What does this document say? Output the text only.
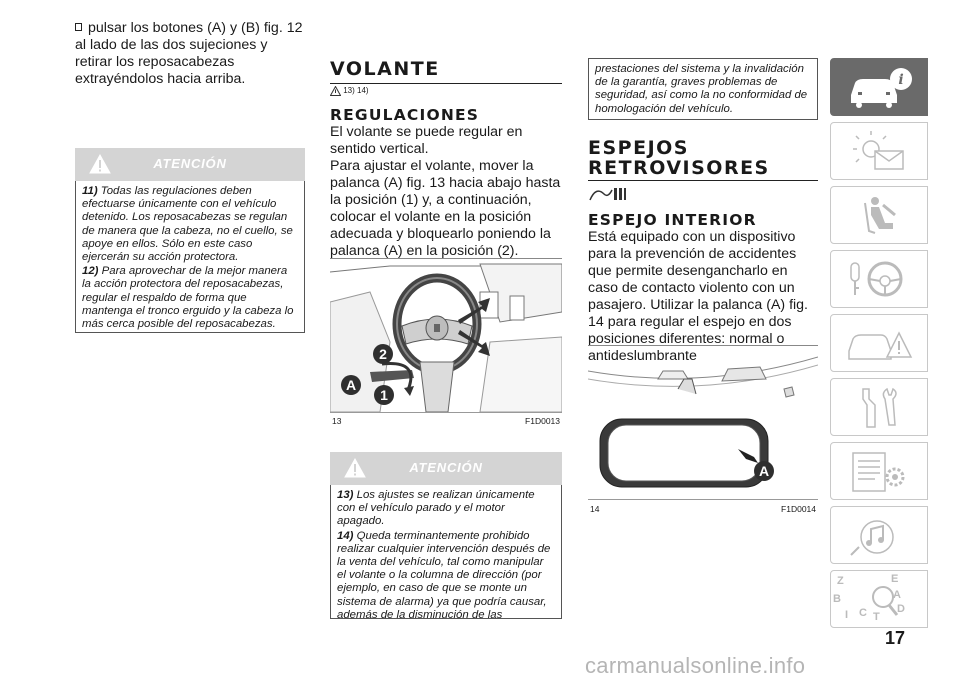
pulsar los botones (A) y (B) fig. 12 al lado de las dos sujeciones y retirar los reposacabezas extrayéndolos hacia arriba.

ATENCIÓN

11) Todas las regulaciones deben efectuarse únicamente con el vehículo detenido. Los reposacabezas se regulan de manera que la cabeza, no el cuello, se apoye en ellos. Sólo en este caso ejercerán su acción protectora.

12) Para aprovechar de la mejor manera la acción protectora del reposacabezas, regular el respaldo de forma que mantenga el tronco erguido y la cabeza lo más cerca posible del reposacabezas.

VOLANTE

13) 14)

REGULACIONES

El volante se puede regular en sentido vertical.

Para ajustar el volante, mover la palanca (A) fig. 13 hacia abajo hasta la posición (1) y, a continuación, colocar el volante en la posición adecuada y bloquearlo poniendo la palanca (A) en la posición (2).

2
A
1
13	F1D0013
ATENCIÓN

13) Los ajustes se realizan únicamente con el vehículo parado y el motor apagado.

14) Queda terminantemente prohibido realizar cualquier intervención después de la venta del vehículo, tal como manipular el volante o la columna de dirección (por ejemplo, en caso de que se monte un sistema de alarma) ya que podría causar, además de la disminución de las

prestaciones del sistema y la invalidación de la garantía, graves problemas de seguridad, así como la no conformidad de homologación del vehículo.

ESPEJOS

RETROVISORES

ESPEJO INTERIOR

Está equipado con un dispositivo para la prevención de accidentes que permite desengancharlo en caso de contacto violento con un pasajero. Utilizar la palanca (A) fig. 14 para regular el espejo en dos posiciones diferentes: normal o antideslumbrante

A
14	F1D0014
i
Z	E
B	A
I C T
D
17
carmanualsonline.info
